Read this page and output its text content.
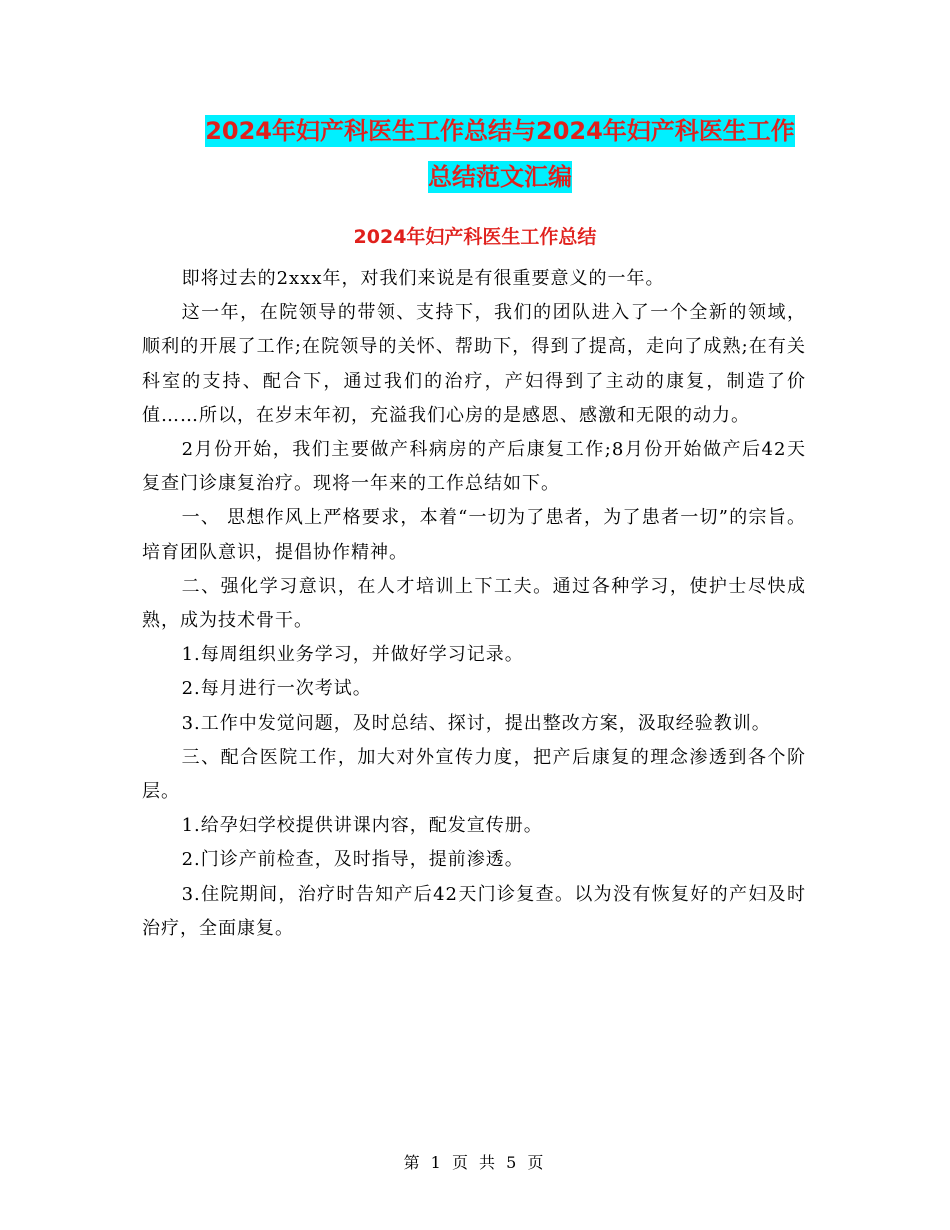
2024年妇产科医生工作总结与2024年妇产科医生工作
总结范文汇编
2024年妇产科医生工作总结

即将过去的2xxx年，对我们来说是有很重要意义的一年。

这一年，在院领导的带领、支持下，我们的团队进入了一个全新的领域，顺利的开展了工作;在院领导的关怀、帮助下，得到了提高，走向了成熟;在有关科室的支持、配合下，通过我们的治疗，产妇得到了主动的康复，制造了价值……所以，在岁末年初，充溢我们心房的是感恩、感激和无限的动力。

2月份开始，我们主要做产科病房的产后康复工作;8月份开始做产后42天复查门诊康复治疗。现将一年来的工作总结如下。

一、 思想作风上严格要求，本着“一切为了患者，为了患者一切”的宗旨。培育团队意识，提倡协作精神。

二、强化学习意识，在人才培训上下工夫。通过各种学习，使护士尽快成熟，成为技术骨干。

1.每周组织业务学习，并做好学习记录。

2.每月进行一次考试。

3.工作中发觉问题，及时总结、探讨，提出整改方案，汲取经验教训。

三、配合医院工作，加大对外宣传力度，把产后康复的理念渗透到各个阶层。

1.给孕妇学校提供讲课内容，配发宣传册。

2.门诊产前检查，及时指导，提前渗透。

3.住院期间，治疗时告知产后42天门诊复查。以为没有恢复好的产妇及时治疗，全面康复。

第 1 页 共 5 页
